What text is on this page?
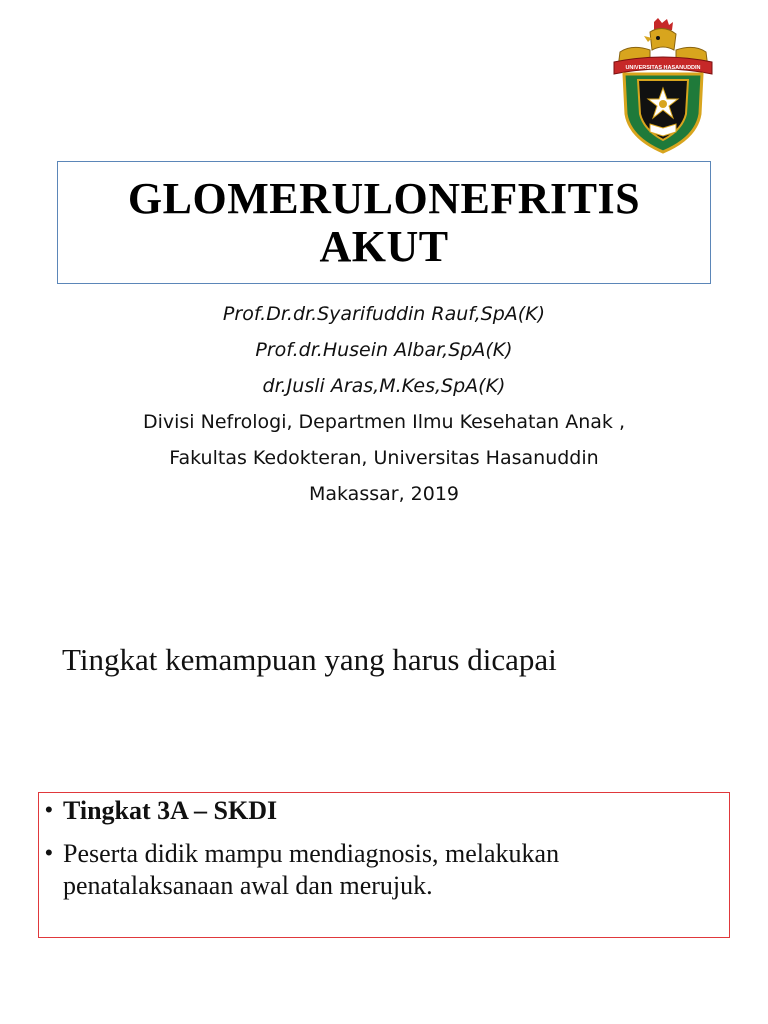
UNIVERSITAS HASANUDDIN
GLOMERULONEFRITIS
AKUT
Prof.Dr.dr.Syarifuddin Rauf,SpA(K)
Prof.dr.Husein Albar,SpA(K)
dr.Jusli Aras,M.Kes,SpA(K)
Divisi Nefrologi, Departmen Ilmu Kesehatan Anak ,
Fakultas Kedokteran, Universitas Hasanuddin
Makassar, 2019
Tingkat kemampuan yang harus dicapai
• Tingkat 3A – SKDI
• Peserta didik mampu mendiagnosis, melakukan
penatalaksanaan awal dan merujuk.
